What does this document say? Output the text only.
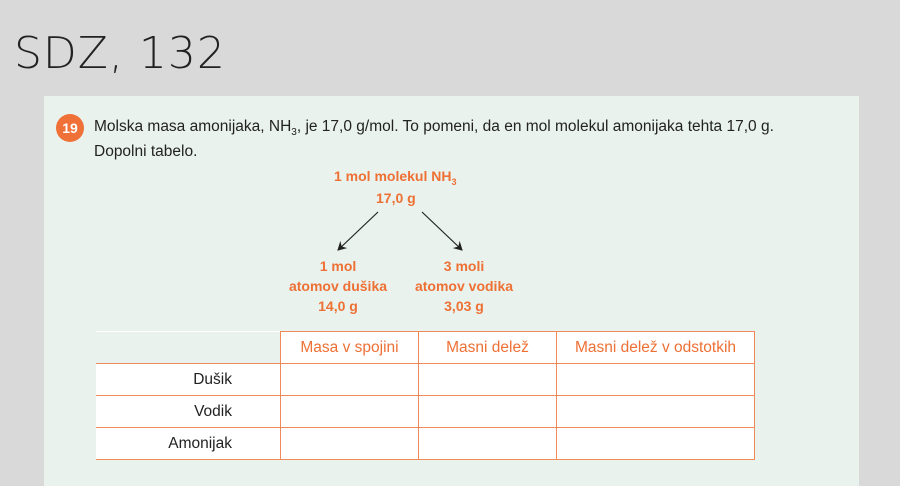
SDZ, 132
19	Molska masa amonijaka, $NH_3$, je 17,0 g/mol. To pomeni, da en mol molekul amonijaka tehta 17,0 g.
Dopolni tabelo.
1 mol molekul $NH_3$
17,0 g
1 mol
atomov dušika
14,0 g
3 moli
atomov vodika
3,03 g
	Masa v spojini	Masni delež	Masni delež v odstotkih
Dušik			
Vodik			
Amonijak			
